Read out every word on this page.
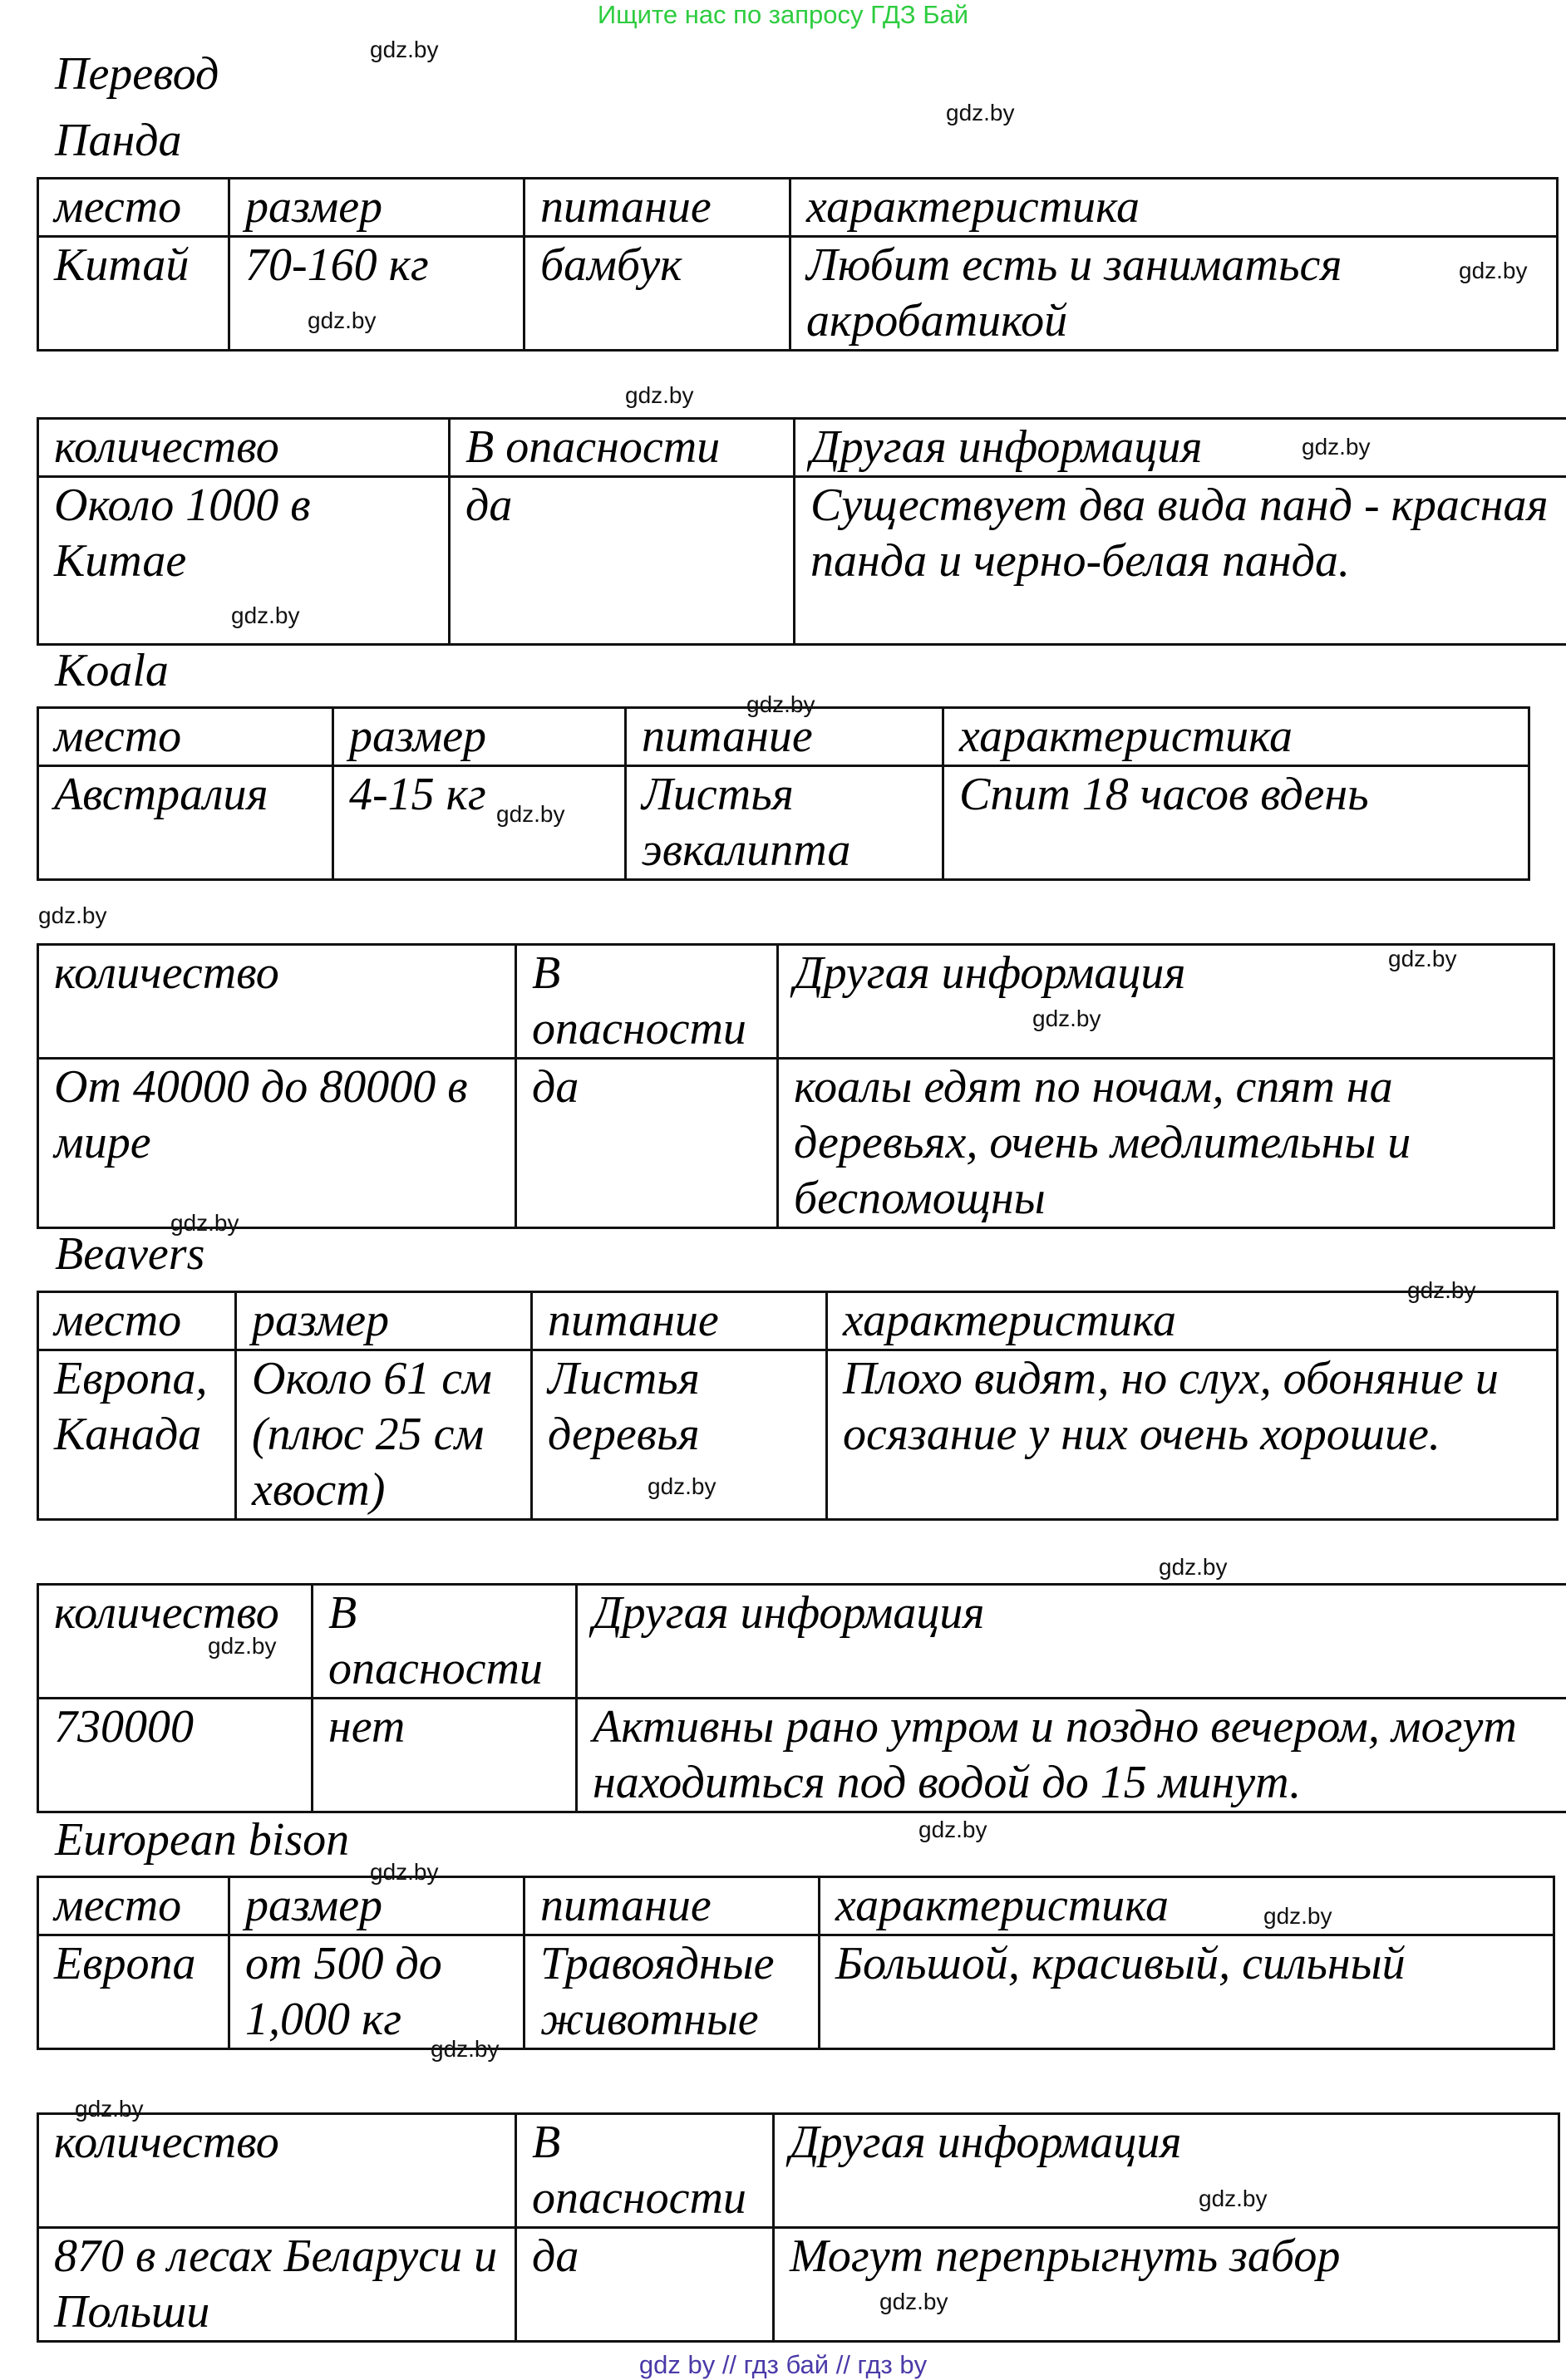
Ищите нас по запросу ГДЗ Бай
Перевод
Панда
место	размер	питание	характеристика
Китай	70-160 кг	бамбук	Любит есть и заниматься акробатикой
количество	В опасности	Другая информация
Около 1000 в Китае	да	Существует два вида панд - красная панда и черно-белая панда.
Koala
место	размер	питание	характеристика
Австралия	4-15 кг	Листья эвкалипта	Спит 18 часов вдень
количество	В опасности	Другая информация
От 40000 до 80000 в мире	да	коалы едят по ночам, спят на деревьях, очень медлительны и беспомощны
Beavers
место	размер	питание	характеристика
Европа, Канада	Около 61 см (плюс 25 см хвост)	Листья деревья	Плохо видят, но слух, обоняние и осязание у них очень хорошие.
количество	В опасности	Другая информация
730000	нет	Активны рано утром и поздно вечером, могут находиться под водой до 15 минут.
European bison
место	размер	питание	характеристика
Европа	от 500 до 1,000 кг	Травоядные животные	Большой, красивый, сильный
количество	В опасности	Другая информация
870 в лесах Беларуси и Польши	да	Могут перепрыгнуть забор
gdz.by
gdz.by
gdz.by
gdz.by
gdz.by
gdz.by
gdz.by
gdz.by
gdz.by
gdz.by
gdz.by
gdz.by
gdz.by
gdz.by
gdz.by
gdz.by
gdz.by
gdz.by
gdz.by
gdz.by
gdz.by
gdz.by
gdz.by
gdz.by
gdz by // гдз бай // гдз by
